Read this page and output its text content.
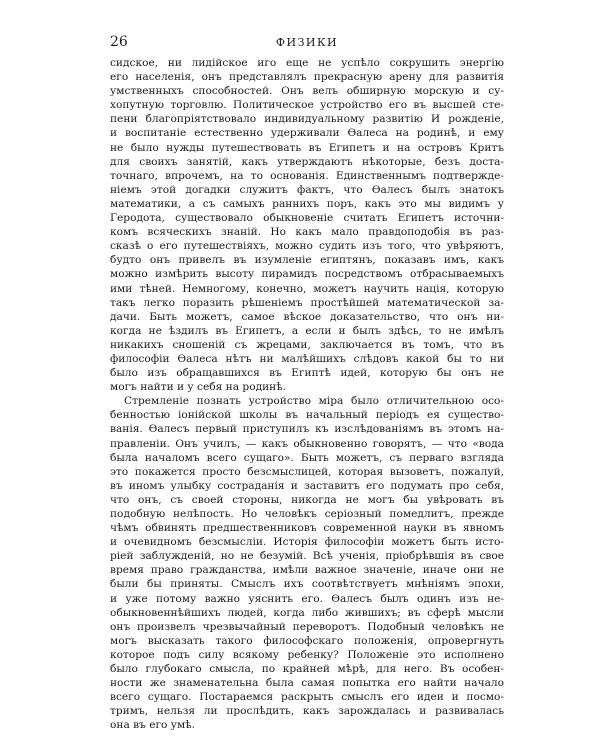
26	ФИЗИКИ
сидское, ни лидійское иго еще не успѣло сокрушить энергію
его населенія, онъ представлялъ прекрасную арену для развитія
умственныхъ способностей. Онъ велъ обширную морскую и су-
хопутную торговлю. Политическое устройство его въ высшей сте-
пени благопріятствовало индивидуальному развитію И рожденіе,
и воспитаніе естественно удерживали Өалеса на родинѣ, и ему
не было нужды путешествовать въ Египетъ и на островъ Критъ
для своихъ занятій, какъ утверждаютъ нѣкоторые, безъ доста-
точнаго, впрочемъ, на то основанія. Единственнымъ подтвержде-
ніемъ этой догадки служитъ фактъ, что Өалесъ былъ знатокъ
математики, а съ самыхъ раннихъ поръ, какъ это мы видимъ у
Геродота, существовало обыкновеніе считать Египетъ источни-
комъ всяческихъ знаній. Но какъ мало правдоподобія въ раз-
сказѣ о его путешествіяхъ, можно судить изъ того, что увѣряютъ,
будто онъ привелъ въ изумленіе египтянъ, показавъ имъ, какъ
можно измѣрить высоту пирамидъ посредствомъ отбрасываемыхъ
ими тѣней. Немногому, конечно, можетъ научить нація, которую
такъ легко поразить рѣшеніемъ простѣйшей математической за-
дачи. Быть можетъ, самое вѣское доказательство, что онъ ни-
когда не ѣздилъ въ Египетъ, а если и былъ здѣсь, то не имѣлъ
никакихъ сношеній съ жрецами, заключается въ томъ, что въ
философіи Өалеса нѣтъ ни малѣйшихъ слѣдовъ какой бы то ни
было изъ обращавшихся въ Египтѣ идей, которую бы онъ не
могъ найти и у себя на родинѣ.
Стремленіе познать устройство міра было отличительною осо-
бенностью іонійской школы въ начальный періодъ ея существо-
ванія. Өалесъ первый приступилъ къ изслѣдованіямъ въ этомъ на-
правленіи. Онъ училъ, — какъ обыкновенно говорятъ, — что «вода
была началомъ всего сущаго». Быть можетъ, съ перваго взгляда
это покажется просто безсмыслицей, которая вызоветъ, пожалуй,
въ иномъ улыбку состраданія и заставитъ его подумать про себя,
что онъ, съ своей стороны, никогда не могъ бы увѣровать въ
подобную нелѣпость. Но человѣкъ серіозный помедлитъ, прежде
чѣмъ обвинять предшественниковъ современной науки въ явномъ
и очевидномъ безсмысліи. Исторія философіи можетъ быть исто-
ріей заблужденій, но не безумій. Всѣ ученія, пріобрѣвшія въ свое
время право гражданства, имѣли важное значеніе, иначе они не
были бы приняты. Смыслъ ихъ соотвѣтствуетъ мнѣніямъ эпохи,
и уже потому важно уяснить его. Өалесъ былъ одинъ изъ не-
обыкновеннѣйшихъ людей, когда либо жившихъ; въ сферѣ мысли
онъ произвелъ чрезвычайный переворотъ. Подобный человѣкъ не
могъ высказать такого философскаго положенія, опровергнуть
которое подъ силу всякому ребенку? Положеніе это исполнено
было глубокаго смысла, по крайней мѣрѣ, для него. Въ особен-
ности же знаменательна была самая попытка его найти начало
всего сущаго. Постараемся раскрыть смыслъ его идеи и посмо-
тримъ, нельзя ли прослѣдить, какъ зарождалась и развивалась
она въ его умѣ.
